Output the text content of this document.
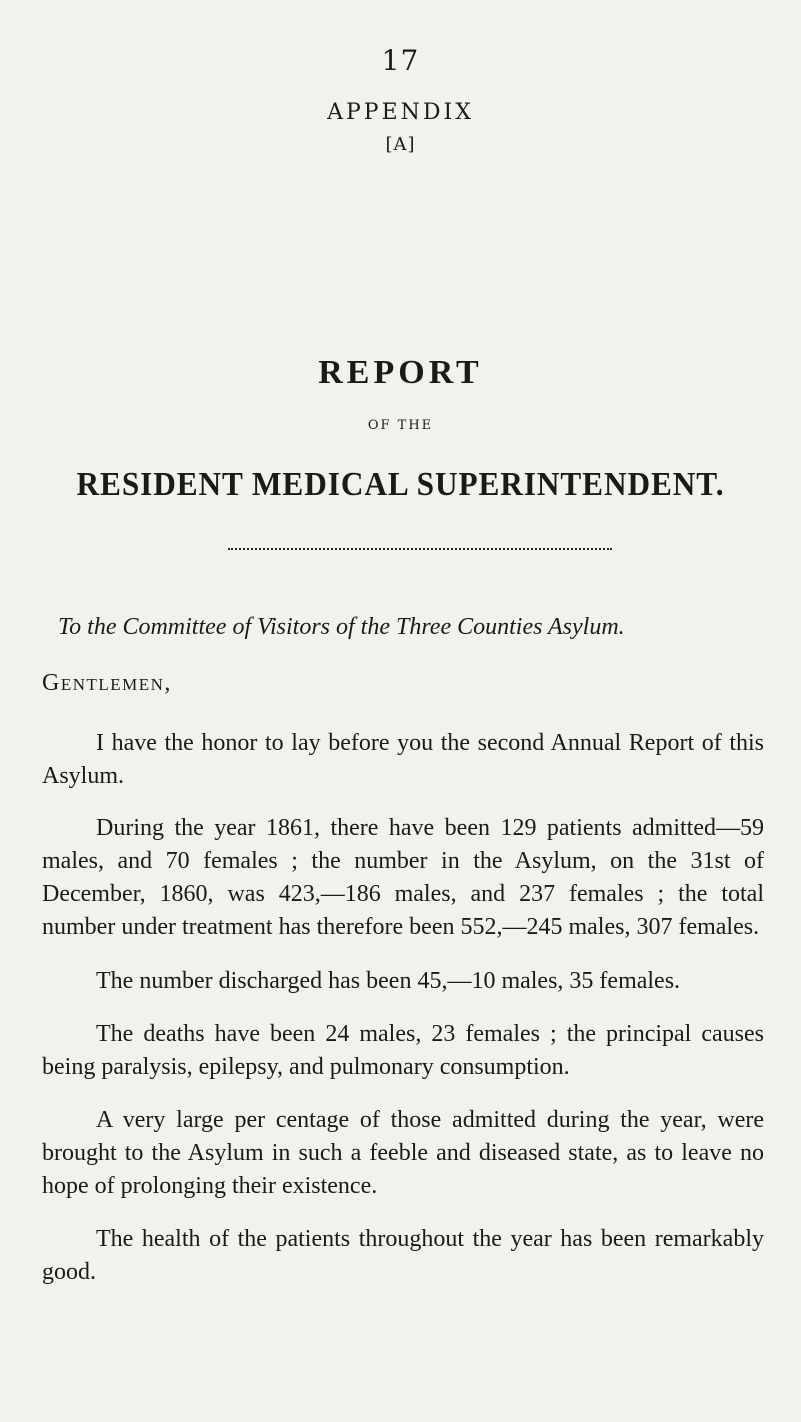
17
APPENDIX
[A]
REPORT
OF THE
RESIDENT MEDICAL SUPERINTENDENT.
To the Committee of Visitors of the Three Counties Asylum.
Gentlemen,
I have the honor to lay before you the second Annual Report of this Asylum.
During the year 1861, there have been 129 patients admitted—59 males, and 70 females ; the number in the Asylum, on the 31st of December, 1860, was 423,—186 males, and 237 females ; the total number under treatment has therefore been 552,—245 males, 307 females.
The number discharged has been 45,—10 males, 35 females.
The deaths have been 24 males, 23 females ; the principal causes being paralysis, epilepsy, and pulmonary consumption.
A very large per centage of those admitted during the year, were brought to the Asylum in such a feeble and diseased state, as to leave no hope of prolonging their existence.
The health of the patients throughout the year has been remarkably good.
